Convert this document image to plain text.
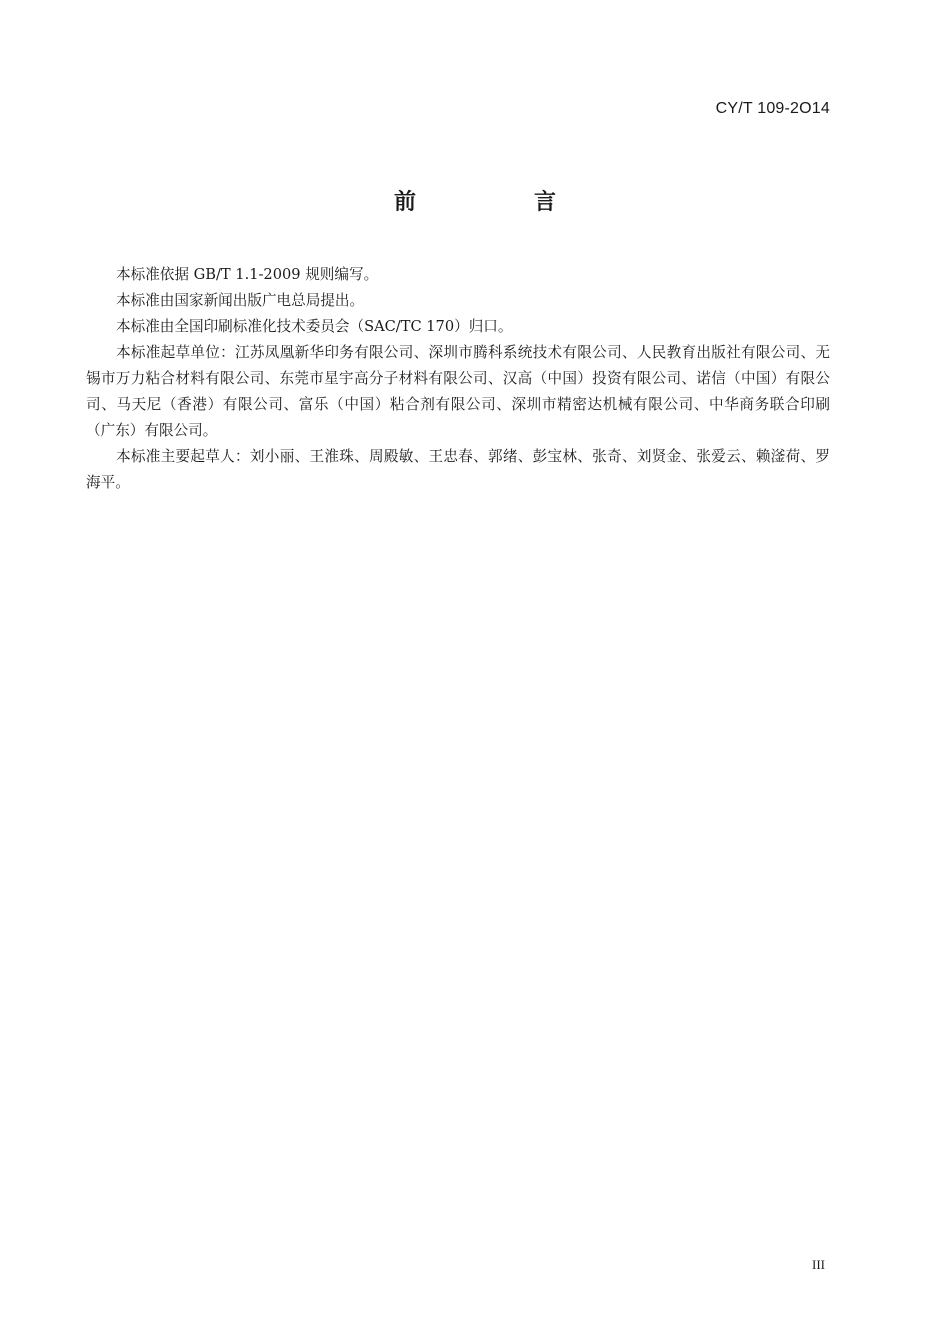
CY/T 109-2O14
前　言

本标准依据 GB/T 1.1-2009 规则编写。

本标准由国家新闻出版广电总局提出。

本标准由全国印刷标准化技术委员会（SAC/TC 170）归口。

本标准起草单位：江苏凤凰新华印务有限公司、深圳市腾科系统技术有限公司、人民教育出版社有限公司、无锡市万力粘合材料有限公司、东莞市星宇高分子材料有限公司、汉高（中国）投资有限公司、诺信（中国）有限公司、马天尼（香港）有限公司、富乐（中国）粘合剂有限公司、深圳市精密达机械有限公司、中华商务联合印刷（广东）有限公司。

本标准主要起草人：刘小丽、王淮珠、周殿敏、王忠春、郭绪、彭宝林、张奇、刘贤金、张爱云、赖滏荷、罗海平。

III
